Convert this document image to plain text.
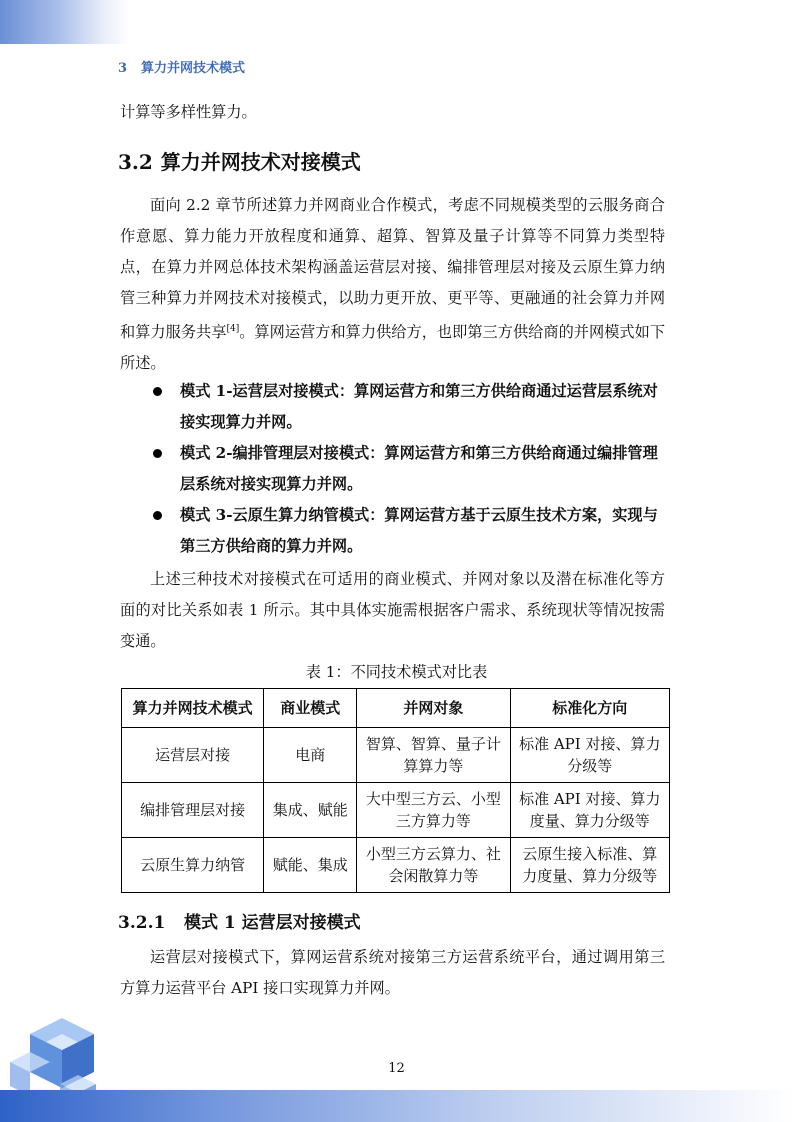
3 算力并网技术模式

计算等多样性算力。

3.2 算力并网技术对接模式

面向 2.2 章节所述算力并网商业合作模式，考虑不同规模类型的云服务商合作意愿、算力能力开放程度和通算、超算、智算及量子计算等不同算力类型特点，在算力并网总体技术架构涵盖运营层对接、编排管理层对接及云原生算力纳管三种算力并网技术对接模式，以助力更开放、更平等、更融通的社会算力并网和算力服务共享[4]。算网运营方和算力供给方，也即第三方供给商的并网模式如下所述。

模式 1-运营层对接模式：算网运营方和第三方供给商通过运营层系统对接实现算力并网。
模式 2-编排管理层对接模式：算网运营方和第三方供给商通过编排管理层系统对接实现算力并网。
模式 3-云原生算力纳管模式：算网运营方基于云原生技术方案，实现与第三方供给商的算力并网。

上述三种技术对接模式在可适用的商业模式、并网对象以及潜在标准化等方面的对比关系如表 1 所示。其中具体实施需根据客户需求、系统现状等情况按需变通。

表 1：不同技术模式对比表

算力并网技术模式	商业模式	并网对象	标准化方向
运营层对接	电商	智算、智算、量子计算算力等	标准 API 对接、算力分级等
编排管理层对接	集成、赋能	大中型三方云、小型三方算力等	标准 API 对接、算力度量、算力分级等
云原生算力纳管	赋能、集成	小型三方云算力、社会闲散算力等	云原生接入标准、算力度量、算力分级等
3.2.1 模式 1 运营层对接模式

运营层对接模式下，算网运营系统对接第三方运营系统平台，通过调用第三方算力运营平台 API 接口实现算力并网。

12
